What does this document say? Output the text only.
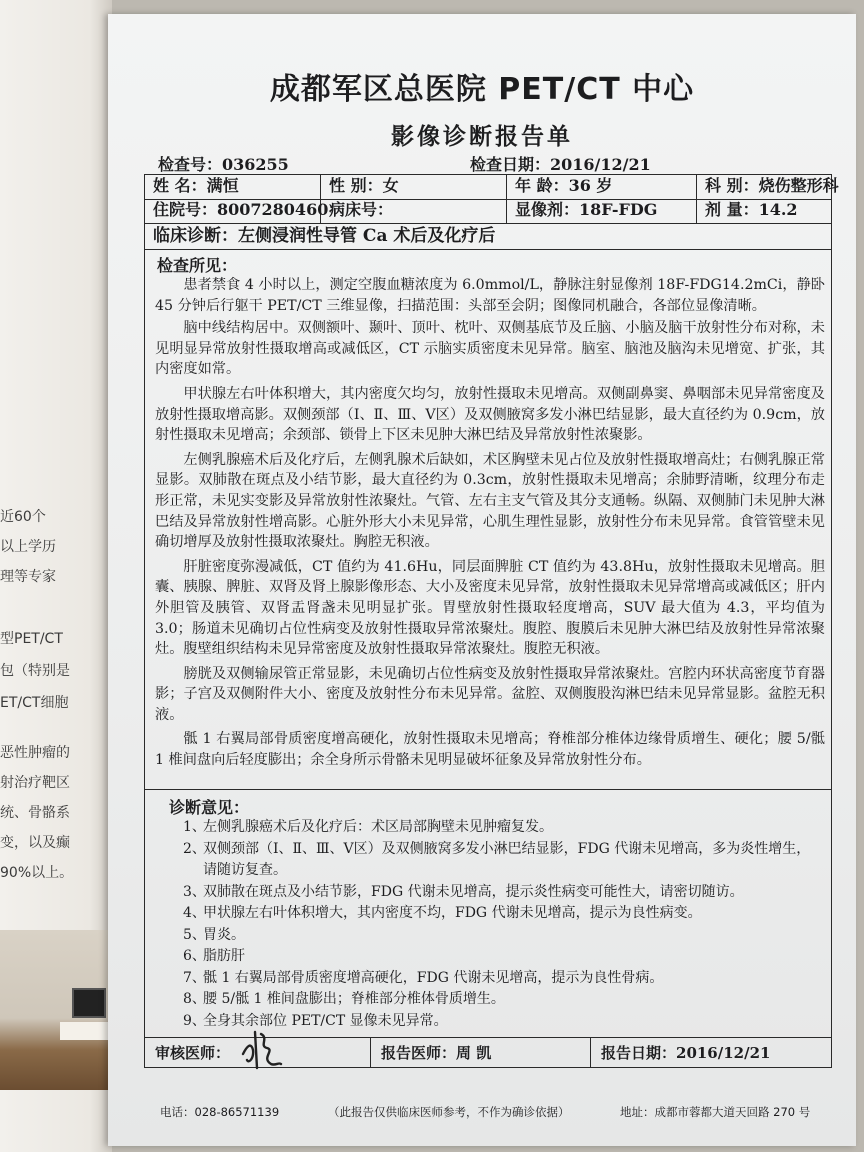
近60个
以上学历
理等专家
型PET/CT
包（特别是
ET/CT细胞
恶性肿瘤的
射治疗靶区
统、骨骼系
变，以及癫
90%以上。
成都军区总医院 PET/CT 中心
影像诊断报告单
检查号：036255	检查日期：2016/12/21
姓 名：满恒	性 别：女	年 龄：36 岁	科 别：烧伤整形科
住院号：8007280460 病床号：	显像剂：18F-FDG	剂 量：14.2
临床诊断：左侧浸润性导管 Ca 术后及化疗后
检查所见：

患者禁食 4 小时以上，测定空腹血糖浓度为 6.0mmol/L，静脉注射显像剂 18F-FDG14.2mCi，静卧 45 分钟后行躯干 PET/CT 三维显像，扫描范围：头部至会阴；图像同机融合，各部位显像清晰。

脑中线结构居中。双侧额叶、颞叶、顶叶、枕叶、双侧基底节及丘脑、小脑及脑干放射性分布对称，未见明显异常放射性摄取增高或减低区，CT 示脑实质密度未见异常。脑室、脑池及脑沟未见增宽、扩张，其内密度如常。

甲状腺左右叶体积增大，其内密度欠均匀，放射性摄取未见增高。双侧副鼻窦、鼻咽部未见异常密度及放射性摄取增高影。双侧颈部（Ⅰ、Ⅱ、Ⅲ、Ⅴ区）及双侧腋窝多发小淋巴结显影，最大直径约为 0.9cm，放射性摄取未见增高；余颈部、锁骨上下区未见肿大淋巴结及异常放射性浓聚影。

左侧乳腺癌术后及化疗后，左侧乳腺术后缺如，术区胸壁未见占位及放射性摄取增高灶；右侧乳腺正常显影。双肺散在斑点及小结节影，最大直径约为 0.3cm，放射性摄取未见增高；余肺野清晰，纹理分布走形正常，未见实变影及异常放射性浓聚灶。气管、左右主支气管及其分支通畅。纵隔、双侧肺门未见肿大淋巴结及异常放射性增高影。心脏外形大小未见异常，心肌生理性显影，放射性分布未见异常。食管管壁未见确切增厚及放射性摄取浓聚灶。胸腔无积液。

肝脏密度弥漫减低，CT 值约为 41.6Hu，同层面脾脏 CT 值约为 43.8Hu，放射性摄取未见增高。胆囊、胰腺、脾脏、双肾及肾上腺影像形态、大小及密度未见异常，放射性摄取未见异常增高或减低区；肝内外胆管及胰管、双肾盂肾盏未见明显扩张。胃壁放射性摄取轻度增高，SUV 最大值为 4.3，平均值为 3.0；肠道未见确切占位性病变及放射性摄取异常浓聚灶。腹腔、腹膜后未见肿大淋巴结及放射性异常浓聚灶。腹壁组织结构未见异常密度及放射性摄取异常浓聚灶。腹腔无积液。

膀胱及双侧输尿管正常显影，未见确切占位性病变及放射性摄取异常浓聚灶。宫腔内环状高密度节育器影；子宫及双侧附件大小、密度及放射性分布未见异常。盆腔、双侧腹股沟淋巴结未见异常显影。盆腔无积液。

骶 1 右翼局部骨质密度增高硬化，放射性摄取未见增高；脊椎部分椎体边缘骨质增生、硬化；腰 5/骶 1 椎间盘向后轻度膨出；余全身所示骨骼未见明显破坏征象及异常放射性分布。

诊断意见：
1、
左侧乳腺癌术后及化疗后：术区局部胸壁未见肿瘤复发。
2、
双侧颈部（Ⅰ、Ⅱ、Ⅲ、Ⅴ区）及双侧腋窝多发小淋巴结显影，FDG 代谢未见增高，多为炎性增生，请随访复查。
3、
双肺散在斑点及小结节影，FDG 代谢未见增高，提示炎性病变可能性大，请密切随访。
4、
甲状腺左右叶体积增大，其内密度不均，FDG 代谢未见增高，提示为良性病变。
5、
胃炎。
6、
脂肪肝
7、
骶 1 右翼局部骨质密度增高硬化，FDG 代谢未见增高，提示为良性骨病。
8、
腰 5/骶 1 椎间盘膨出；脊椎部分椎体骨质增生。
9、
全身其余部位 PET/CT 显像未见异常。
审核医师：	报告医师：周 凯	报告日期：2016/12/21
电话：028-86571139	（此报告仅供临床医师参考，不作为确诊依据）	地址：成都市蓉都大道天回路 270 号
